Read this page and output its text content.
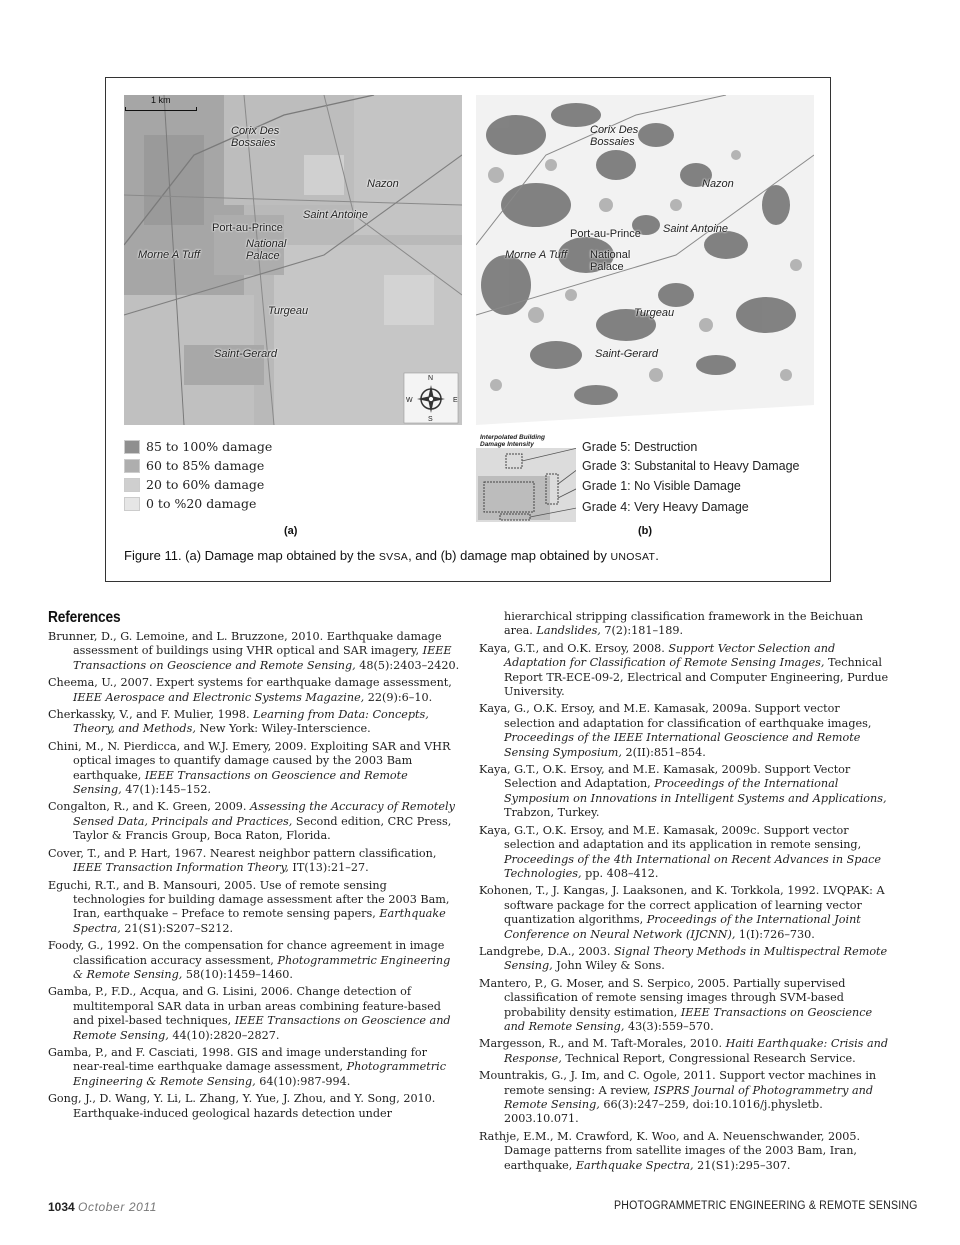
1 km
N
S
E
W
Corix Des Bossaies
Nazon
Saint Antoine
Port-au-Prince
National Palace
Morne A Tuff
Turgeau
Saint-Gerard
Corix Des Bossaies
Nazon
Port-au-Prince Saint Antoine
Morne A Tuff National Palace
Turgeau
Saint-Gerard
85 to 100% damage
60 to 85% damage
20 to 60% damage
0 to %20 damage
Interpolated Building Damage Intensity	Grade 5: Destruction
Grade 3: Substanital to Heavy Damage
Grade 1: No Visible Damage
Grade 4: Very Heavy Damage
(a)	(b)
Figure 11. (a) Damage map obtained by the SVSA, and (b) damage map obtained by UNOSAT.
References
Brunner, D., G. Lemoine, and L. Bruzzone, 2010. Earthquake damage assessment of buildings using VHR optical and SAR imagery, IEEE Transactions on Geoscience and Remote Sensing, 48(5):2403–2420.
Cheema, U., 2007. Expert systems for earthquake damage assessment, IEEE Aerospace and Electronic Systems Magazine, 22(9):6–10.
Cherkassky, V., and F. Mulier, 1998. Learning from Data: Concepts, Theory, and Methods, New York: Wiley-Interscience.
Chini, M., N. Pierdicca, and W.J. Emery, 2009. Exploiting SAR and VHR optical images to quantify damage caused by the 2003 Bam earthquake, IEEE Transactions on Geoscience and Remote Sensing, 47(1):145–152.
Congalton, R., and K. Green, 2009. Assessing the Accuracy of Remotely Sensed Data, Principals and Practices, Second edition, CRC Press, Taylor & Francis Group, Boca Raton, Florida.
Cover, T., and P. Hart, 1967. Nearest neighbor pattern classification, IEEE Transaction Information Theory, IT(13):21–27.
Eguchi, R.T., and B. Mansouri, 2005. Use of remote sensing technologies for building damage assessment after the 2003 Bam, Iran, earthquake – Preface to remote sensing papers, Earthquake Spectra, 21(S1):S207–S212.
Foody, G., 1992. On the compensation for chance agreement in image classification accuracy assessment, Photogrammetric Engineering & Remote Sensing, 58(10):1459–1460.
Gamba, P., F.D., Acqua, and G. Lisini, 2006. Change detection of multitemporal SAR data in urban areas combining feature-based and pixel-based techniques, IEEE Transactions on Geoscience and Remote Sensing, 44(10):2820–2827.
Gamba, P., and F. Casciati, 1998. GIS and image understanding for near-real-time earthquake damage assessment, Photogrammetric Engineering & Remote Sensing, 64(10):987-994.
Gong, J., D. Wang, Y. Li, L. Zhang, Y. Yue, J. Zhou, and Y. Song, 2010. Earthquake-induced geological hazards detection under
hierarchical stripping classification framework in the Beichuan area. Landslides, 7(2):181–189.
Kaya, G.T., and O.K. Ersoy, 2008. Support Vector Selection and Adaptation for Classification of Remote Sensing Images, Technical Report TR-ECE-09-2, Electrical and Computer Engineering, Purdue University.
Kaya, G., O.K. Ersoy, and M.E. Kamasak, 2009a. Support vector selection and adaptation for classification of earthquake images, Proceedings of the IEEE International Geoscience and Remote Sensing Symposium, 2(II):851–854.
Kaya, G.T., O.K. Ersoy, and M.E. Kamasak, 2009b. Support Vector Selection and Adaptation, Proceedings of the International Symposium on Innovations in Intelligent Systems and Applications, Trabzon, Turkey.
Kaya, G.T., O.K. Ersoy, and M.E. Kamasak, 2009c. Support vector selection and adaptation and its application in remote sensing, Proceedings of the 4th International on Recent Advances in Space Technologies, pp. 408–412.
Kohonen, T., J. Kangas, J. Laaksonen, and K. Torkkola, 1992. LVQPAK: A software package for the correct application of learning vector quantization algorithms, Proceedings of the International Joint Conference on Neural Network (IJCNN), 1(I):726–730.
Landgrebe, D.A., 2003. Signal Theory Methods in Multispectral Remote Sensing, John Wiley & Sons.
Mantero, P., G. Moser, and S. Serpico, 2005. Partially supervised classification of remote sensing images through SVM-based probability density estimation, IEEE Transactions on Geoscience and Remote Sensing, 43(3):559–570.
Margesson, R., and M. Taft-Morales, 2010. Haiti Earthquake: Crisis and Response, Technical Report, Congressional Research Service.
Mountrakis, G., J. Im, and C. Ogole, 2011. Support vector machines in remote sensing: A review, ISPRS Journal of Photogrammetry and Remote Sensing, 66(3):247–259, doi:10.1016/j.physletb. 2003.10.071.
Rathje, E.M., M. Crawford, K. Woo, and A. Neuenschwander, 2005. Damage patterns from satellite images of the 2003 Bam, Iran, earthquake, Earthquake Spectra, 21(S1):295–307.
1034 October 2011	PHOTOGRAMMETRIC ENGINEERING & REMOTE SENSING
